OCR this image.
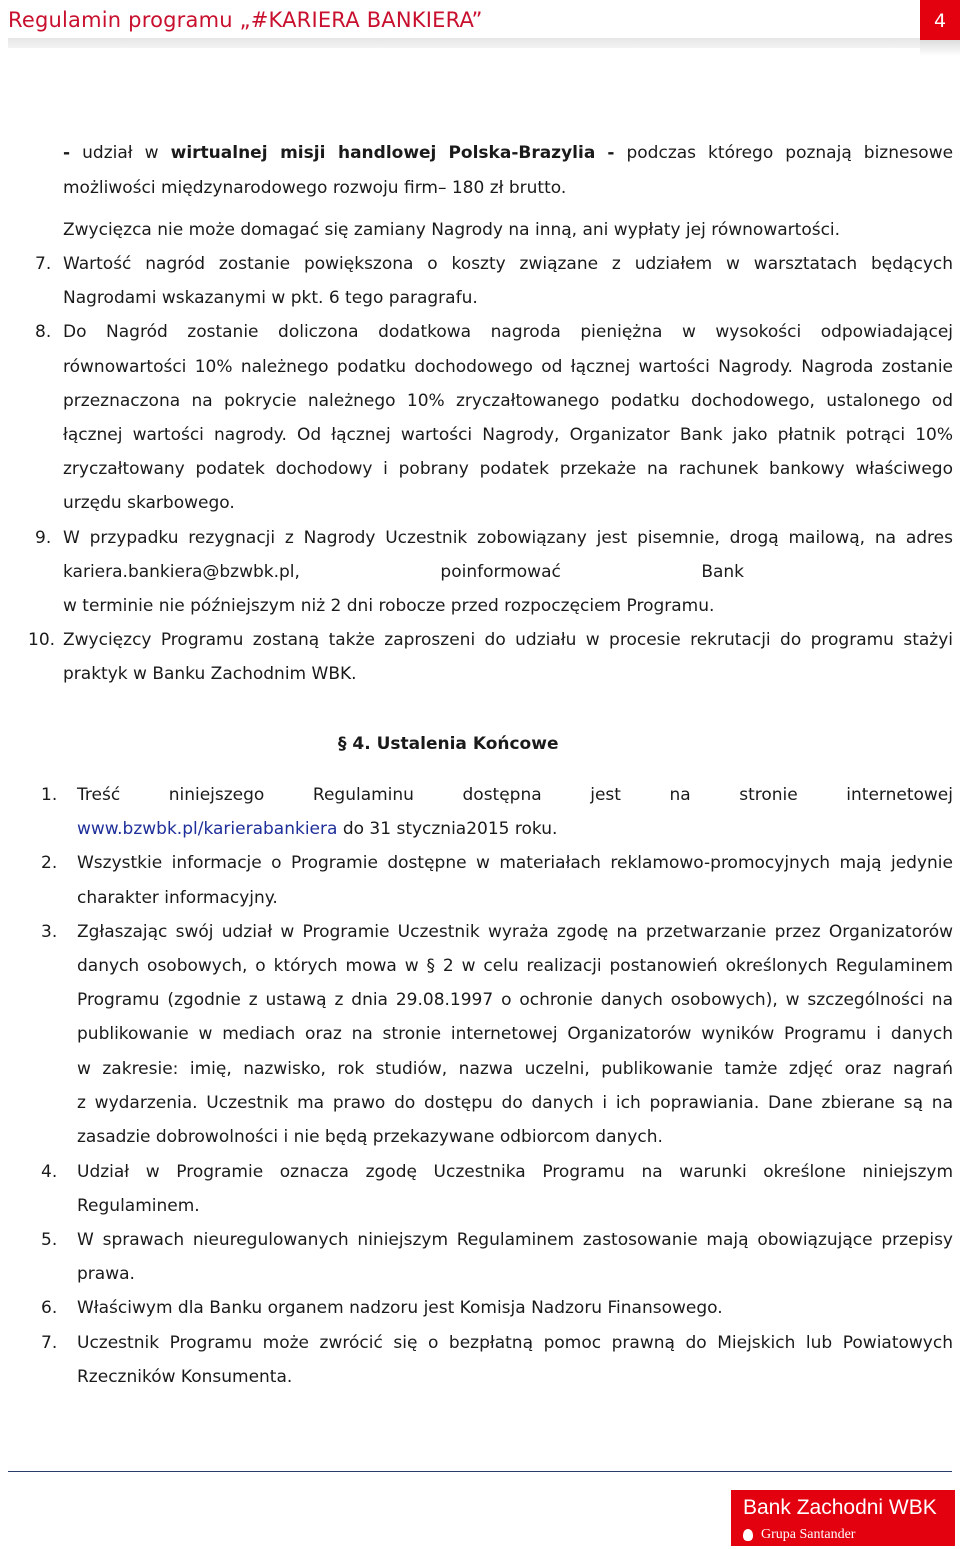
Regulamin programu „#KARIERA BANKIERA”	4
- udział w wirtualnej misji handlowej Polska-Brazylia - podczas którego poznają biznesowe
możliwości międzynarodowego rozwoju firm– 180 zł brutto.
Zwycięzca nie może domagać się zamiany Nagrody na inną, ani wypłaty jej równowartości.
7. Wartość nagród zostanie powiększona o koszty związane z udziałem w warsztatach będących
Nagrodami wskazanymi w pkt. 6 tego paragrafu.
8. Do Nagród zostanie doliczona dodatkowa nagroda pieniężna w wysokości odpowiadającej
równowartości 10% należnego podatku dochodowego od łącznej wartości Nagrody. Nagroda zostanie
przeznaczona na pokrycie należnego 10% zryczałtowanego podatku dochodowego, ustalonego od
łącznej wartości nagrody. Od łącznej wartości Nagrody, Organizator Bank jako płatnik potrąci 10%
zryczałtowany podatek dochodowy i pobrany podatek przekaże na rachunek bankowy właściwego
urzędu skarbowego.
9. W przypadku rezygnacji z Nagrody Uczestnik zobowiązany jest pisemnie, drogą mailową, na adres
kariera.bankiera@bzwbk.pl,                          poinformować                          Bank
w terminie nie późniejszym niż 2 dni robocze przed rozpoczęciem Programu.
10. Zwycięzcy Programu zostaną także zaproszeni do udziału w procesie rekrutacji do programu stażyi
praktyk w Banku Zachodnim WBK.
§ 4. Ustalenia Końcowe
1. Treść niniejszego Regulaminu dostępna jest na stronie internetowej
www.bzwbk.pl/karierabankiera do 31 stycznia2015 roku.
2. Wszystkie informacje o Programie dostępne w materiałach reklamowo-promocyjnych mają jedynie
charakter informacyjny.
3. Zgłaszając swój udział w Programie Uczestnik wyraża zgodę na przetwarzanie przez Organizatorów
danych osobowych, o których mowa w § 2 w celu realizacji postanowień określonych Regulaminem
Programu (zgodnie z ustawą z dnia 29.08.1997 o ochronie danych osobowych), w szczególności na
publikowanie w mediach oraz na stronie internetowej Organizatorów wyników Programu i danych
w zakresie: imię, nazwisko, rok studiów, nazwa uczelni, publikowanie tamże zdjęć oraz nagrań
z wydarzenia. Uczestnik ma prawo do dostępu do danych i ich poprawiania. Dane zbierane są na
zasadzie dobrowolności i nie będą przekazywane odbiorcom danych.
4. Udział w Programie oznacza zgodę Uczestnika Programu na warunki określone niniejszym
Regulaminem.
5. W sprawach nieuregulowanych niniejszym Regulaminem zastosowanie mają obowiązujące przepisy
prawa.
6. Właściwym dla Banku organem nadzoru jest Komisja Nadzoru Finansowego.
7. Uczestnik Programu może zwrócić się o bezpłatną pomoc prawną do Miejskich lub Powiatowych
Rzeczników Konsumenta.
Bank Zachodni WBK
Grupa Santander
